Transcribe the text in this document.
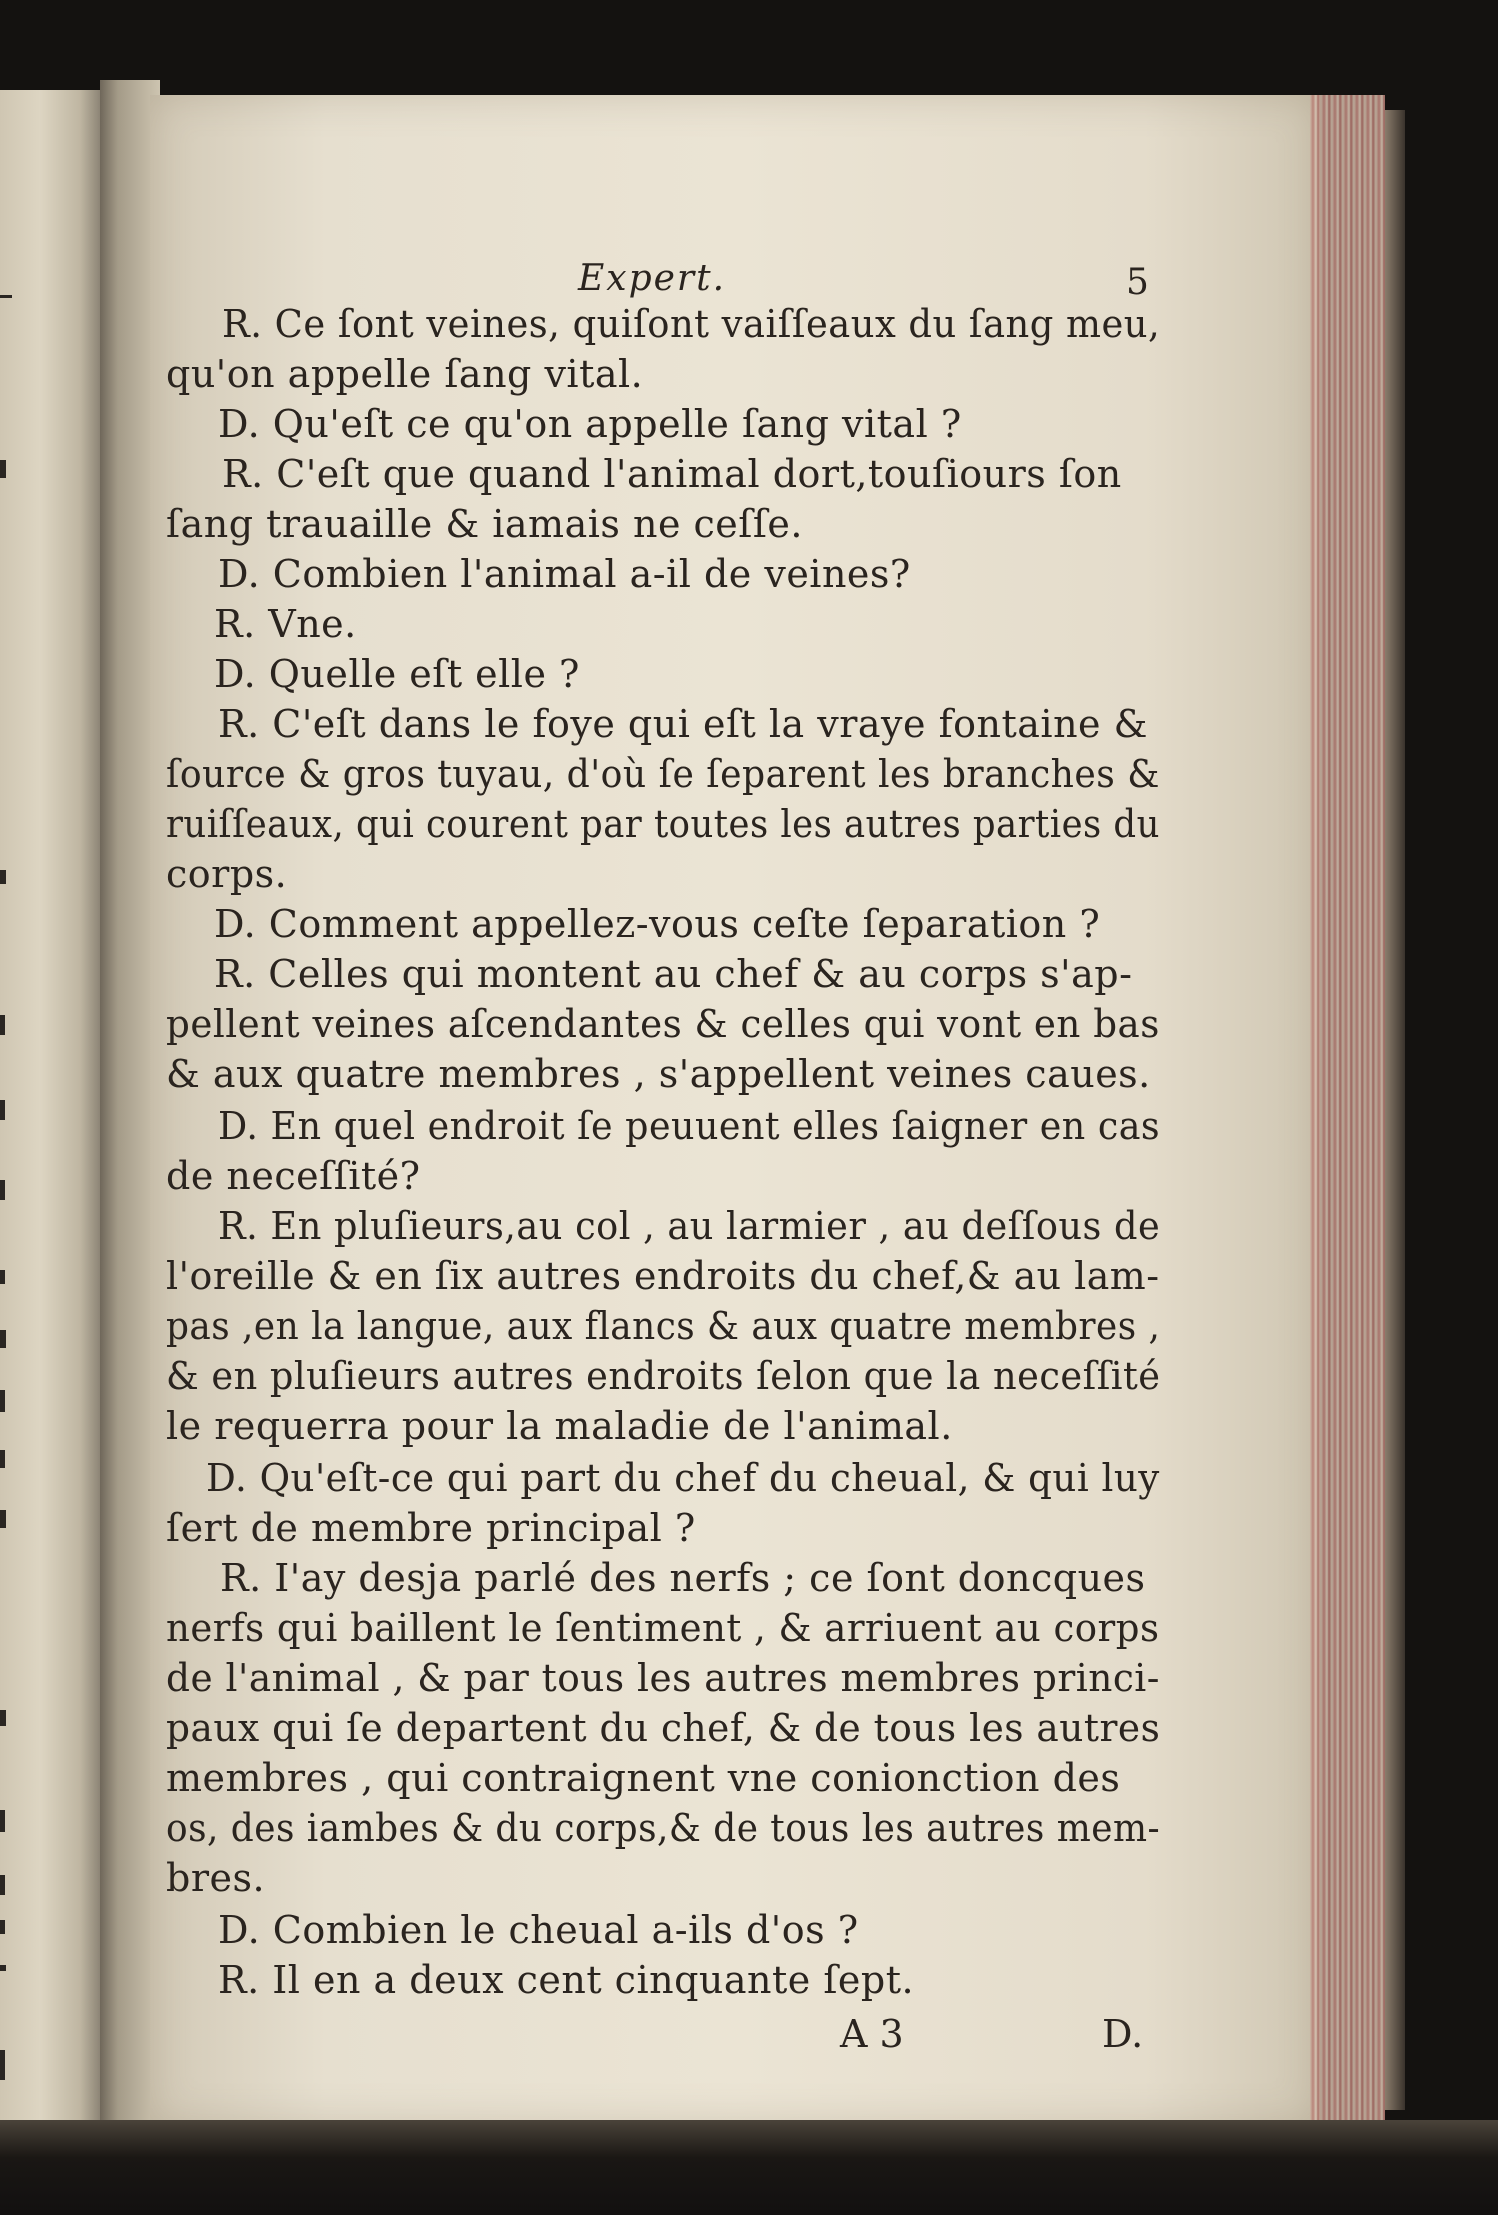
Expert.	5
R. Ce ſont veines, quiſont vaiſſeaux du ſang meu,
qu'on appelle ſang vital.
D. Qu'eſt ce qu'on appelle ſang vital ?
R. C'eſt que quand l'animal dort,touſiours ſon
ſang trauaille & iamais ne ceſſe.
D. Combien l'animal a-il de veines?
R. Vne.
D. Quelle eſt elle ?
R. C'eſt dans le foye qui eſt la vraye fontaine &
ſource & gros tuyau, d'où ſe ſeparent les branches &
ruiſſeaux, qui courent par toutes les autres parties du
corps.
D. Comment appellez-vous ceſte ſeparation ?
R. Celles qui montent au chef & au corps s'ap-
pellent veines aſcendantes & celles qui vont en bas
& aux quatre membres , s'appellent veines caues.
D. En quel endroit ſe peuuent elles ſaigner en cas
de neceſſité?
R. En pluſieurs,au col , au larmier , au deſſous de
l'oreille & en ſix autres endroits du chef,& au lam-
pas ,en la langue, aux flancs & aux quatre membres ,
& en pluſieurs autres endroits ſelon que la neceſſité
le requerra pour la maladie de l'animal.
D. Qu'eſt-ce qui part du chef du cheual, & qui luy
ſert de membre principal ?
R. I'ay desja parlé des nerfs ; ce ſont doncques
nerfs qui baillent le ſentiment , & arriuent au corps
de l'animal , & par tous les autres membres princi-
paux qui ſe departent du chef, & de tous les autres
membres , qui contraignent vne conionction des
os, des iambes & du corps,& de tous les autres mem-
bres.
D. Combien le cheual a-ils d'os ?
R. Il en a deux cent cinquante ſept.
A 3	D.
